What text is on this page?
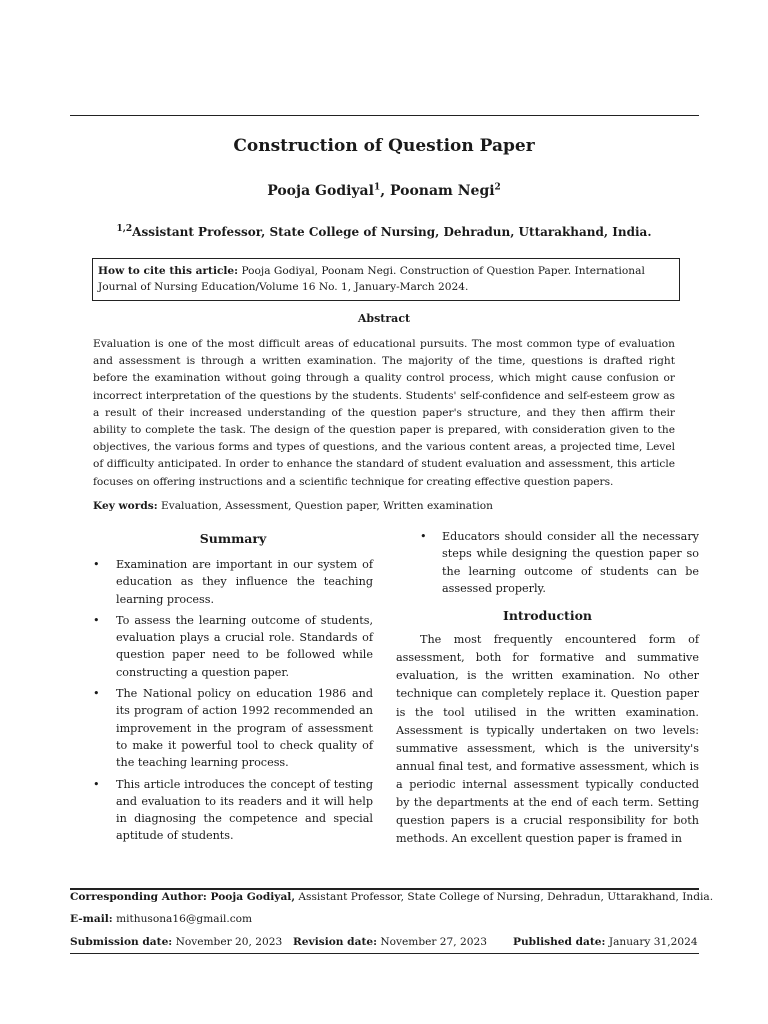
Construction of Question Paper
Pooja Godiyal$^1$, Poonam Negi$^2$
$^{1,2}$Assistant Professor, State College of Nursing, Dehradun, Uttarakhand, India.
How to cite this article: Pooja Godiyal, Poonam Negi. Construction of Question Paper. International Journal of Nursing Education/Volume 16 No. 1, January-March 2024.
Abstract

Evaluation is one of the most difficult areas of educational pursuits. The most common type of evaluation and assessment is through a written examination. The majority of the time, questions is drafted right before the examination without going through a quality control process, which might cause confusion or incorrect interpretation of the questions by the students. Students' self-confidence and self-esteem grow as a result of their increased understanding of the question paper's structure, and they then affirm their ability to complete the task. The design of the question paper is prepared, with consideration given to the objectives, the various forms and types of questions, and the various content areas, a projected time, Level of difficulty anticipated. In order to enhance the standard of student evaluation and assessment, this article focuses on offering instructions and a scientific technique for creating effective question papers.

Key words: Evaluation, Assessment, Question paper, Written examination
Summary
• Examination are important in our system of education as they influence the teaching learning process.
• To assess the learning outcome of students, evaluation plays a crucial role. Standards of question paper need to be followed while constructing a question paper.
• The National policy on education 1986 and its program of action 1992 recommended an improvement in the program of assessment to make it powerful tool to check quality of the teaching learning process.
• This article introduces the concept of testing and evaluation to its readers and it will help in diagnosing the competence and special aptitude of students.
• Educators should consider all the necessary steps while designing the question paper so the learning outcome of students can be assessed properly.
Introduction

The most frequently encountered form of assessment, both for formative and summative evaluation, is the written examination. No other technique can completely replace it. Question paper is the tool utilised in the written examination. Assessment is typically undertaken on two levels: summative assessment, which is the university's annual final test, and formative assessment, which is a periodic internal assessment typically conducted by the departments at the end of each term. Setting question papers is a crucial responsibility for both methods. An excellent question paper is framed in

Corresponding Author: Pooja Godiyal, Assistant Professor, State College of Nursing, Dehradun, Uttarakhand, India.
E-mail: mithusona16@gmail.com
Submission date: November 20, 2023 Revision date: November 27, 2023 Published date: January 31,2024
